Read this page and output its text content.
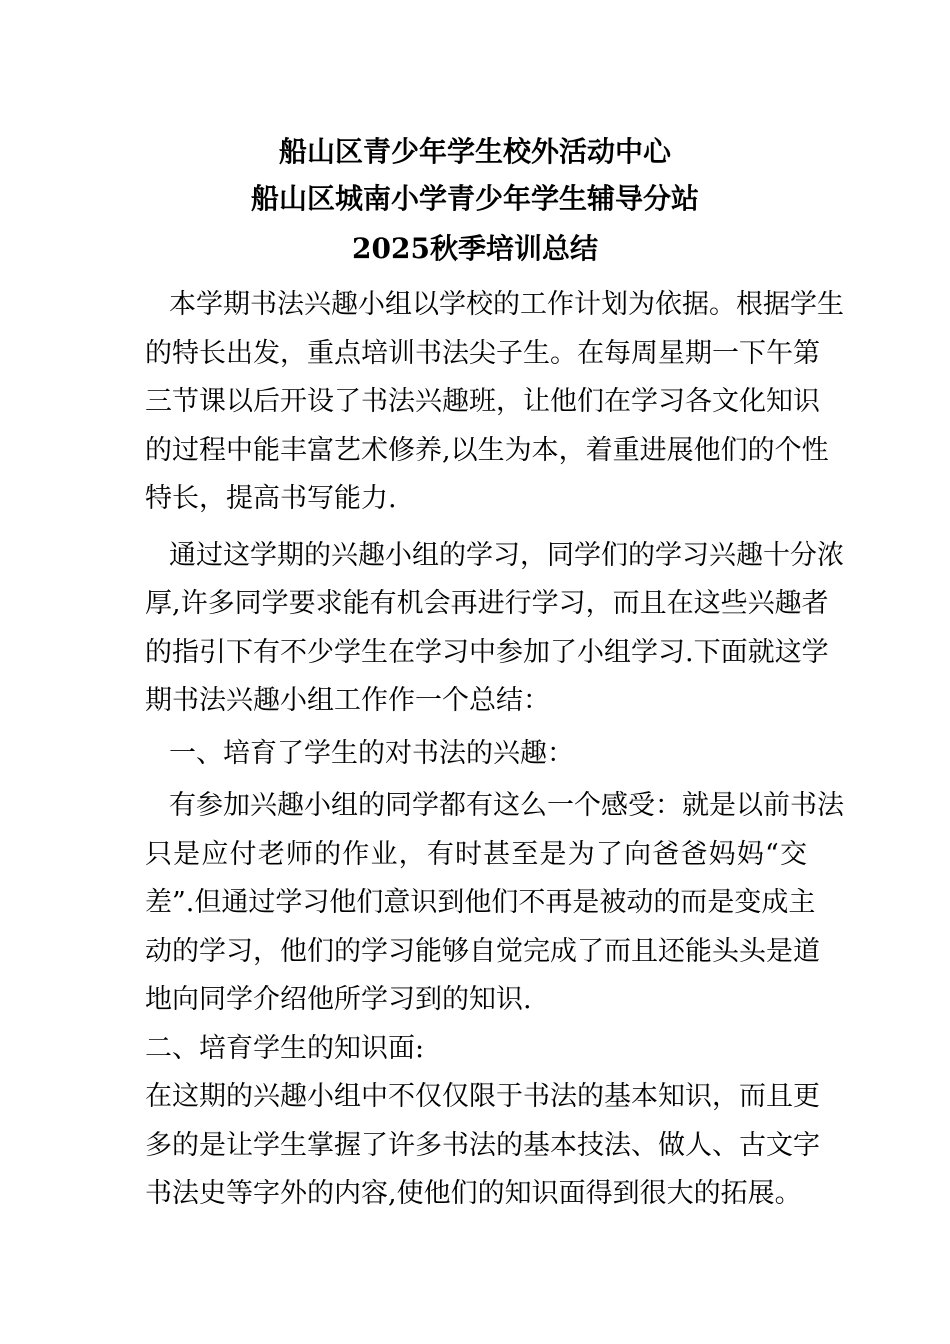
船山区青少年学生校外活动中心
船山区城南小学青少年学生辅导分站
2025秋季培训总结
本学期书法兴趣小组以学校的工作计划为依据。根据学生
的特长出发，重点培训书法尖子生。在每周星期一下午第
三节课以后开设了书法兴趣班，让他们在学习各文化知识
的过程中能丰富艺术修养,以生为本，着重进展他们的个性
特长，提高书写能力.
通过这学期的兴趣小组的学习，同学们的学习兴趣十分浓
厚,许多同学要求能有机会再进行学习，而且在这些兴趣者
的指引下有不少学生在学习中参加了小组学习.下面就这学
期书法兴趣小组工作作一个总结：
一、培育了学生的对书法的兴趣：
有参加兴趣小组的同学都有这么一个感受：就是以前书法
只是应付老师的作业，有时甚至是为了向爸爸妈妈“交
差”.但通过学习他们意识到他们不再是被动的而是变成主
动的学习，他们的学习能够自觉完成了而且还能头头是道
地向同学介绍他所学习到的知识.
二、培育学生的知识面:
在这期的兴趣小组中不仅仅限于书法的基本知识，而且更
多的是让学生掌握了许多书法的基本技法、做人、古文字
书法史等字外的内容,使他们的知识面得到很大的拓展。
